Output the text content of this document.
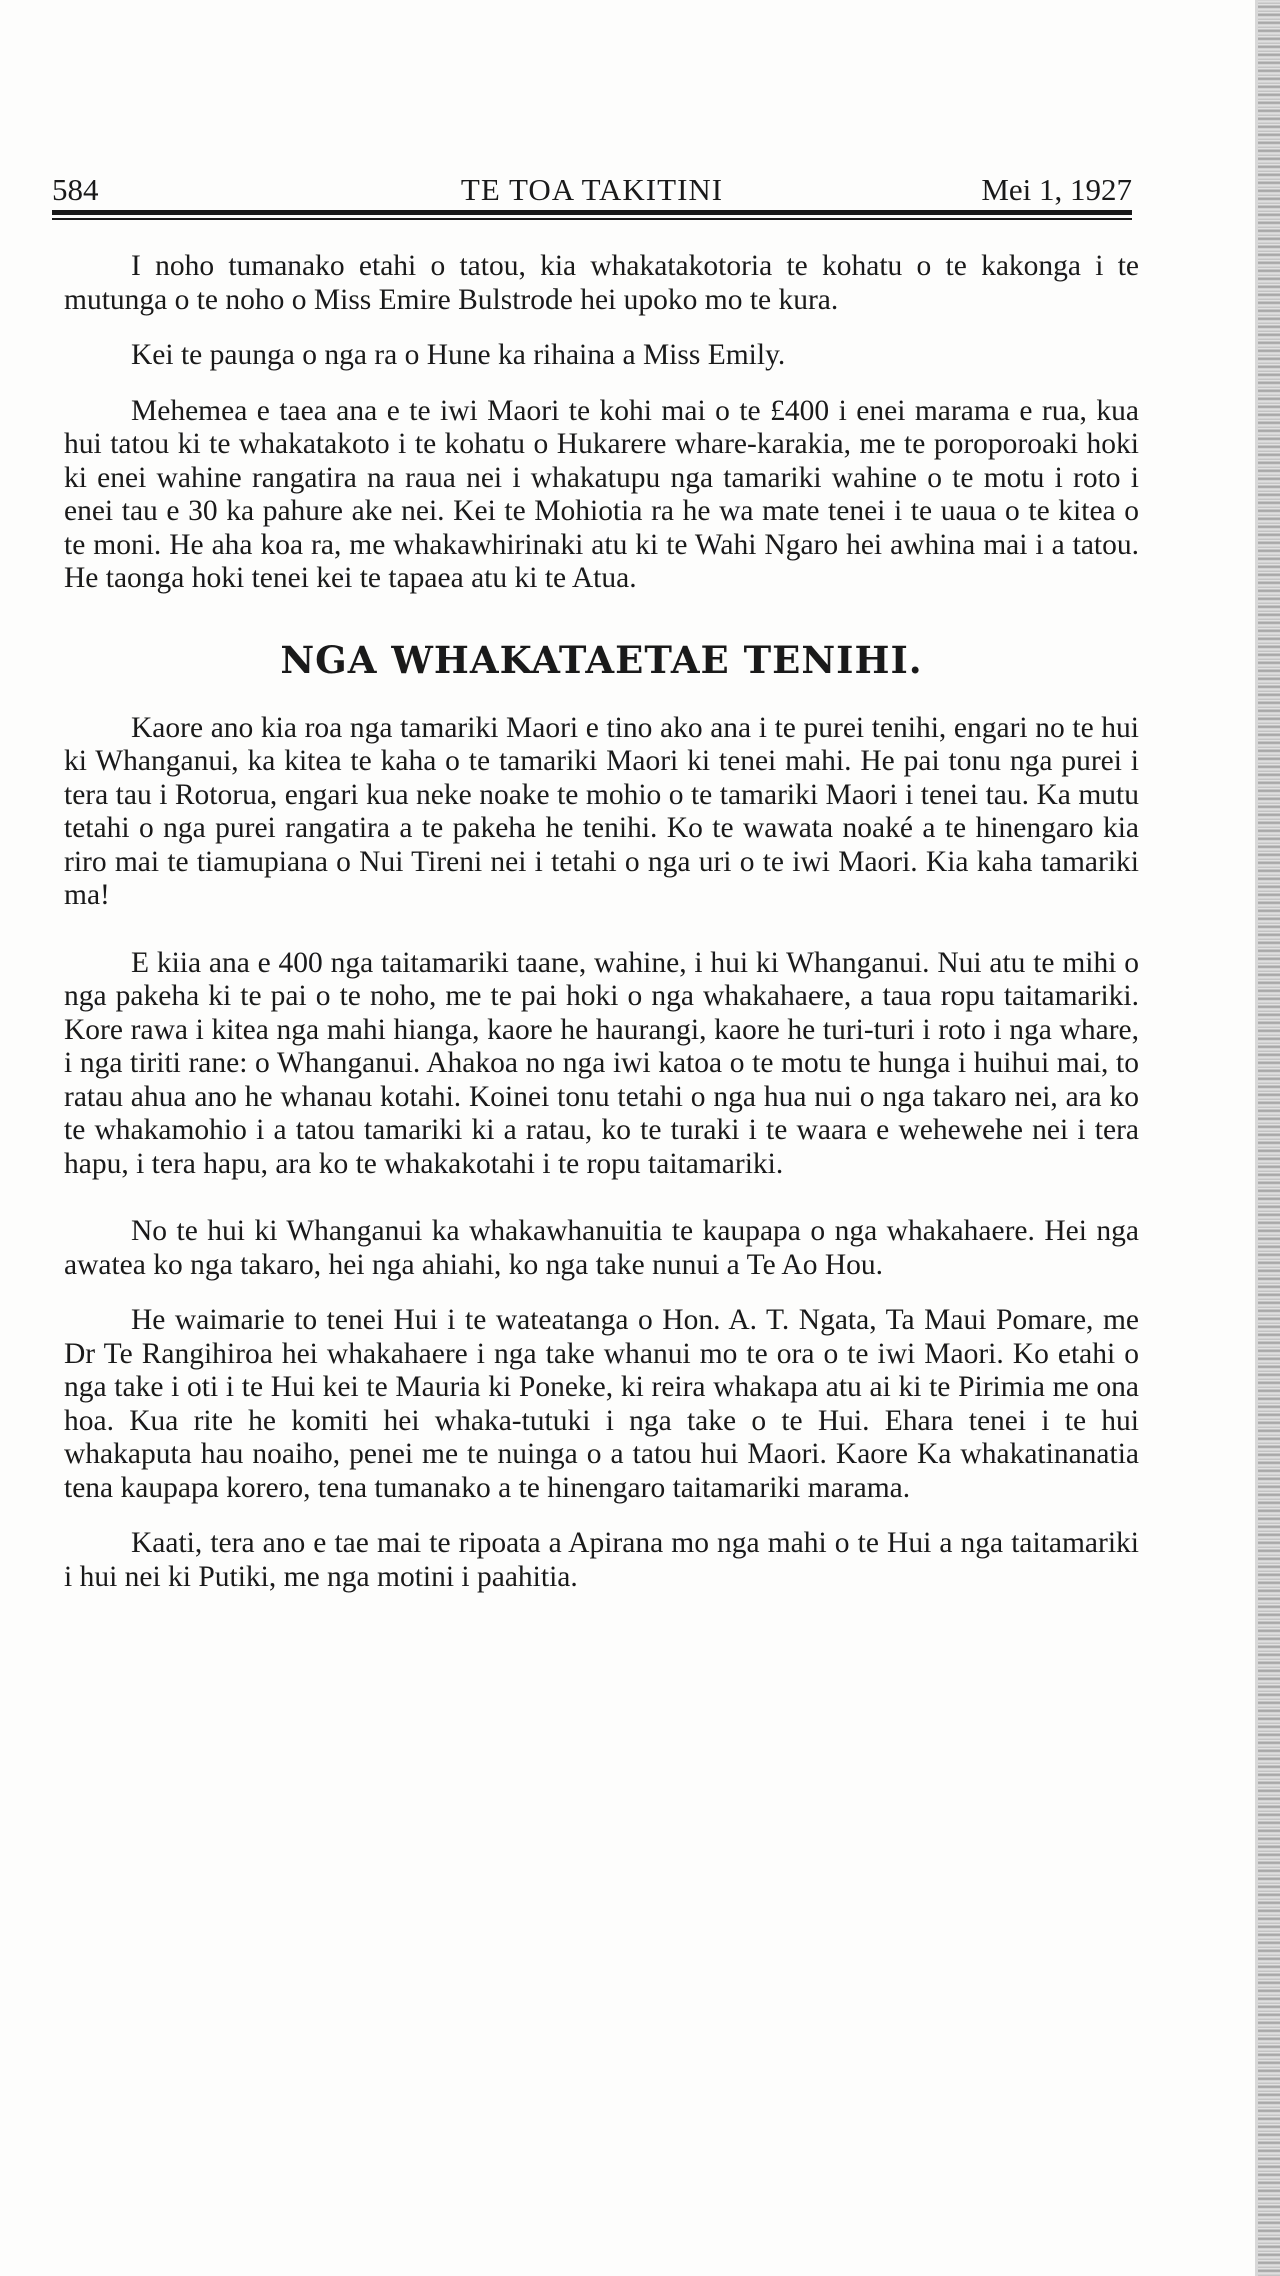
584	TE TOA TAKITINI	Mei 1, 1927

I noho tumanako etahi o tatou, kia whakatakotoria te kohatu o te kakonga i te mutunga o te noho o Miss Emire Bulstrode hei upoko mo te kura.

Kei te paunga o nga ra o Hune ka rihaina a Miss Emily.

Mehemea e taea ana e te iwi Maori te kohi mai o te £400 i enei marama e rua, kua hui tatou ki te whakatakoto i te kohatu o Hukarere whare-karakia, me te poroporoaki hoki ki enei wahine rangatira na raua nei i whakatupu nga tamariki wahine o te motu i roto i enei tau e 30 ka pahure ake nei. Kei te Mohiotia ra he wa mate tenei i te uaua o te kitea o te moni. He aha koa ra, me whakawhirinaki atu ki te Wahi Ngaro hei awhina mai i a tatou. He taonga hoki tenei kei te tapaea atu ki te Atua.

NGA WHAKATAETAE TENIHI.

Kaore ano kia roa nga tamariki Maori e tino ako ana i te purei tenihi, engari no te hui ki Whanganui, ka kitea te kaha o te tamariki Maori ki tenei mahi. He pai tonu nga purei i tera tau i Rotorua, engari kua neke noake te mohio o te tamariki Maori i tenei tau. Ka mutu tetahi o nga purei rangatira a te pakeha he tenihi. Ko te wawata noaké a te hinengaro kia riro mai te tiamupiana o Nui Tireni nei i tetahi o nga uri o te iwi Maori. Kia kaha tamariki ma!

E kiia ana e 400 nga taitamariki taane, wahine, i hui ki Whanganui. Nui atu te mihi o nga pakeha ki te pai o te noho, me te pai hoki o nga whakahaere, a taua ropu taitamariki. Kore rawa i kitea nga mahi hianga, kaore he haurangi, kaore he turi-turi i roto i nga whare, i nga tiriti rane: o Whanganui. Ahakoa no nga iwi katoa o te motu te hunga i huihui mai, to ratau ahua ano he whanau kotahi. Koinei tonu tetahi o nga hua nui o nga takaro nei, ara ko te whakamohio i a tatou tamariki ki a ratau, ko te turaki i te waara e wehewehe nei i tera hapu, i tera hapu, ara ko te whakakotahi i te ropu taitamariki.

No te hui ki Whanganui ka whakawhanuitia te kaupapa o nga whakahaere. Hei nga awatea ko nga takaro, hei nga ahiahi, ko nga take nunui a Te Ao Hou.

He waimarie to tenei Hui i te wateatanga o Hon. A. T. Ngata, Ta Maui Pomare, me Dr Te Rangihiroa hei whakahaere i nga take whanui mo te ora o te iwi Maori. Ko etahi o nga take i oti i te Hui kei te Mauria ki Poneke, ki reira whakapa atu ai ki te Pirimia me ona hoa. Kua rite he komiti hei whaka-tutuki i nga take o te Hui. Ehara tenei i te hui whakaputa hau noaiho, penei me te nuinga o a tatou hui Maori. Kaore Ka whakatinanatia tena kaupapa korero, tena tumanako a te hinengaro taitamariki marama.

Kaati, tera ano e tae mai te ripoata a Apirana mo nga mahi o te Hui a nga taitamariki i hui nei ki Putiki, me nga motini i paahitia.
